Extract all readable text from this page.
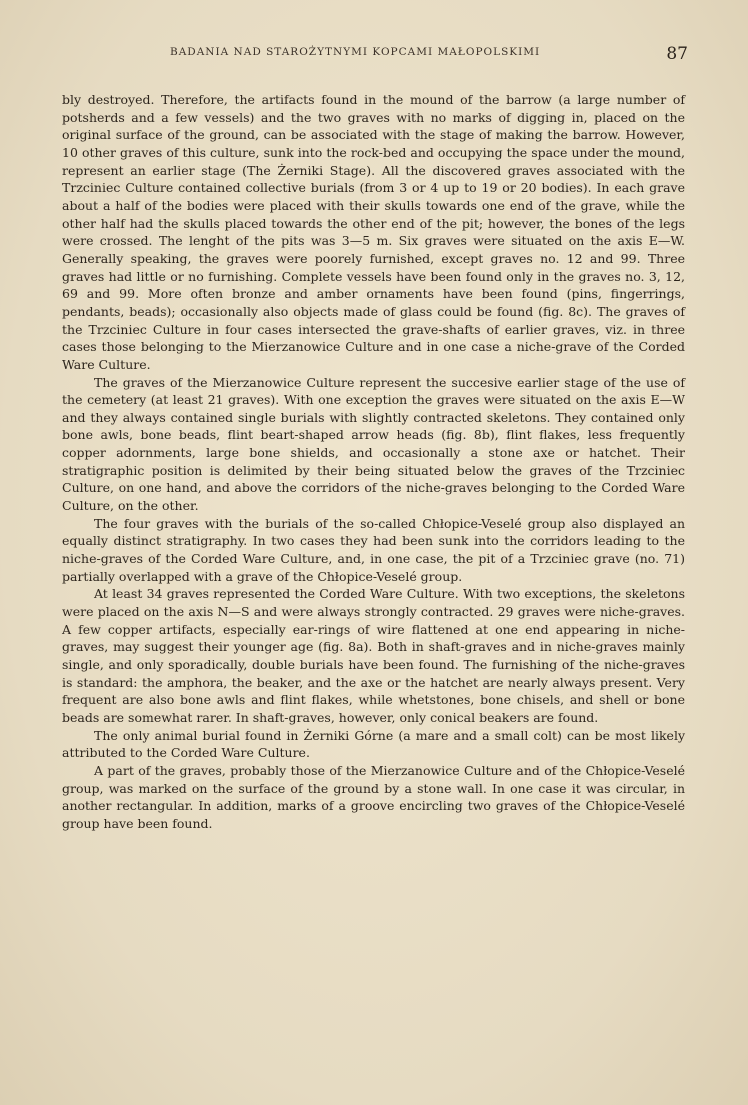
BADANIA NAD STAROŻYTNYMI KOPCAMI MAŁOPOLSKIMI	87

bly destroyed. Therefore, the artifacts found in the mound of the barrow (a large number of potsherds and a few vessels) and the two graves with no marks of digging in, placed on the original surface of the ground, can be associated with the stage of making the barrow. However, 10 other graves of this culture, sunk into the rock-bed and occupying the space under the mound, represent an earlier stage (The Żerniki Stage). All the discovered graves associated with the Trzciniec Culture contained collective burials (from 3 or 4 up to 19 or 20 bodies). In each grave about a half of the bodies were placed with their skulls towards one end of the grave, while the other half had the skulls placed towards the other end of the pit; however, the bones of the legs were crossed. The lenght of the pits was 3—5 m. Six graves were situated on the axis E—W. Generally speaking, the graves were poorely furnished, except graves no. 12 and 99. Three graves had little or no furnishing. Complete vessels have been found only in the graves no. 3, 12, 69 and 99. More often bronze and amber ornaments have been found (pins, fingerrings, pendants, beads); occasionally also objects made of glass could be found (fig. 8c). The graves of the Trzciniec Culture in four cases intersected the grave-shafts of earlier graves, viz. in three cases those belonging to the Mierzanowice Culture and in one case a niche-grave of the Corded Ware Culture.

The graves of the Mierzanowice Culture represent the succesive earlier stage of the use of the cemetery (at least 21 graves). With one exception the graves were situated on the axis E—W and they always contained single burials with slightly contracted skeletons. They contained only bone awls, bone beads, flint beart-shaped arrow heads (fig. 8b), flint flakes, less frequently copper adornments, large bone shields, and occasionally a stone axe or hatchet. Their stratigraphic position is delimited by their being situated below the graves of the Trzciniec Culture, on one hand, and above the corridors of the niche-graves belonging to the Corded Ware Culture, on the other.

The four graves with the burials of the so-called Chłopice-Veselé group also displayed an equally distinct stratigraphy. In two cases they had been sunk into the corridors leading to the niche-graves of the Corded Ware Culture, and, in one case, the pit of a Trzciniec grave (no. 71) partially overlapped with a grave of the Chłopice-Veselé group.

At least 34 graves represented the Corded Ware Culture. With two exceptions, the skeletons were placed on the axis N—S and were always strongly contracted. 29 graves were niche-graves. A few copper artifacts, especially ear-rings of wire flattened at one end appearing in niche-graves, may suggest their younger age (fig. 8a). Both in shaft-graves and in niche-graves mainly single, and only sporadically, double burials have been found. The furnishing of the niche-graves is standard: the amphora, the beaker, and the axe or the hatchet are nearly always present. Very frequent are also bone awls and flint flakes, while whetstones, bone chisels, and shell or bone beads are somewhat rarer. In shaft-graves, however, only conical beakers are found.

The only animal burial found in Żerniki Górne (a mare and a small colt) can be most likely attributed to the Corded Ware Culture.

A part of the graves, probably those of the Mierzanowice Culture and of the Chłopice-Veselé group, was marked on the surface of the ground by a stone wall. In one case it was circular, in another rectangular. In addition, marks of a groove encircling two graves of the Chłopice-Veselé group have been found.
